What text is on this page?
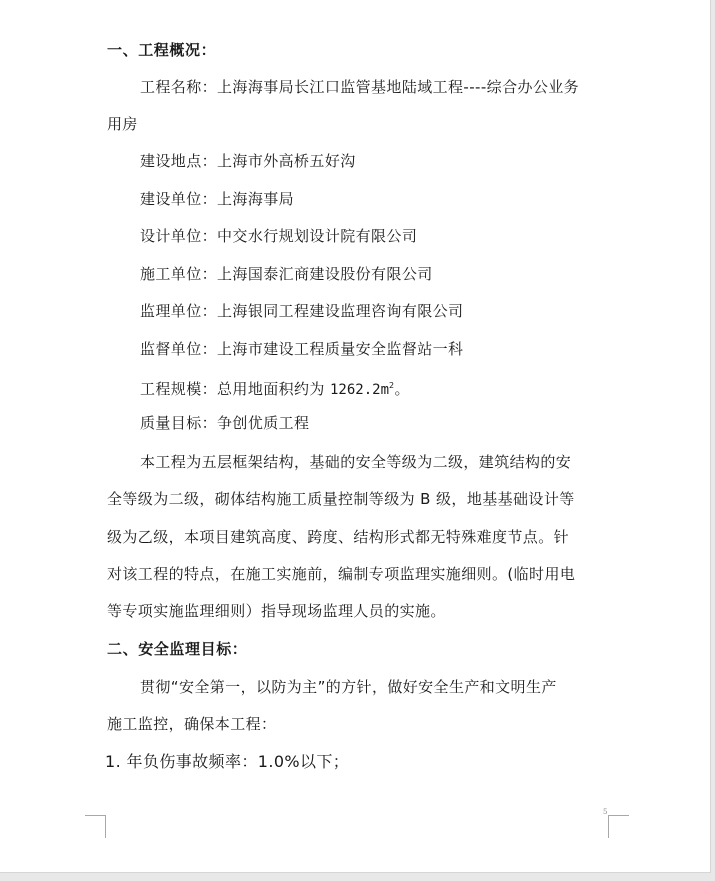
一、工程概况：

工程名称：上海海事局长江口监管基地陆域工程----综合办公业务

用房

建设地点：上海市外高桥五好沟

建设单位：上海海事局

设计单位：中交水行规划设计院有限公司

施工单位：上海国泰汇商建设股份有限公司

监理单位：上海银同工程建设监理咨询有限公司

监督单位：上海市建设工程质量安全监督站一科

工程规模：总用地面积约为 $1262.2m^2$。

质量目标：争创优质工程

本工程为五层框架结构，基础的安全等级为二级，建筑结构的安

全等级为二级，砌体结构施工质量控制等级为 B 级，地基基础设计等

级为乙级，本项目建筑高度、跨度、结构形式都无特殊难度节点。针

对该工程的特点，在施工实施前，编制专项监理实施细则。(临时用电

等专项实施监理细则）指导现场监理人员的实施。

二、安全监理目标：

贯彻“安全第一，以防为主”的方针，做好安全生产和文明生产

施工监控，确保本工程：

1. 年负伤事故频率：1.0%以下；

5
